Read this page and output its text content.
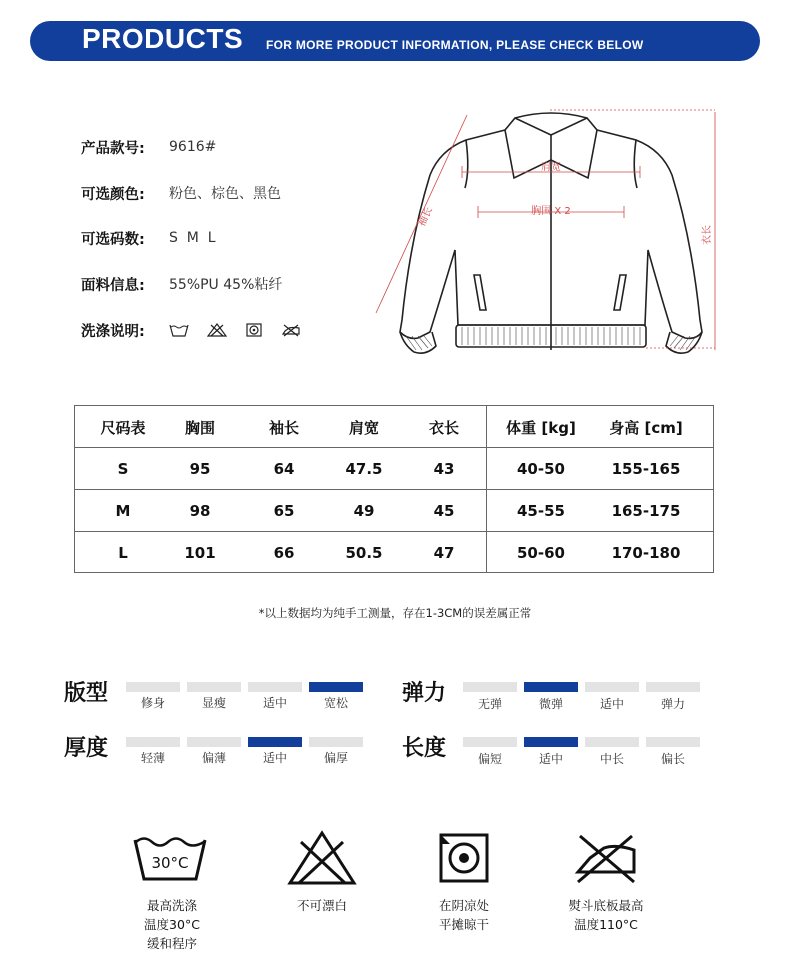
PRODUCTS FOR MORE PRODUCT INFORMATION, PLEASE CHECK BELOW
产品款号:	9616#
可选颜色:	粉色、棕色、黑色
可选码数:	S  M  L
面料信息:	55%PU 45%粘纤
洗涤说明:
肩宽
胸围 X 2
袖长
衣长
尺码表	胸围	袖长	肩宽	衣长	体重 [kg]	身高 [cm]
S	95	64	47.5	43	40-50	155-165
M	98	65	49	45	45-55	165-175
L	101	66	50.5	47	50-60	170-180
*以上数据均为纯手工测量，存在1-3CM的误差属正常
版型	修身	显瘦	适中	宽松	弹力	无弹	微弹	适中	弹力
厚度	轻薄	偏薄	适中	偏厚	长度	偏短	适中	中长	偏长
30°C
最高洗涤
温度30°C
缓和程序
不可漂白	在阴凉处
平摊晾干
熨斗底板最高
温度110°C
